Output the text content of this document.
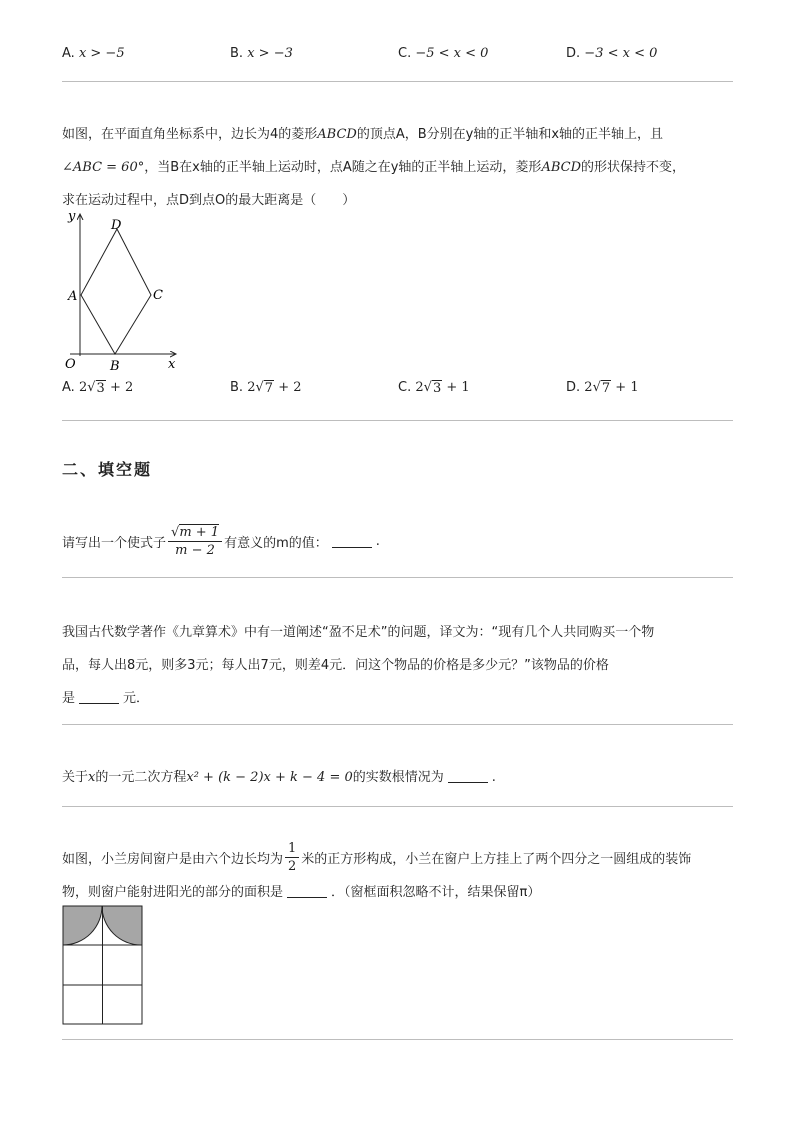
A. x > −5	B. x > −3	C. −5 < x < 0	D. −3 < x < 0
如图，在平面直角坐标系中，边长为4的菱形ABCD的顶点A，B分别在y轴的正半轴和x轴的正半轴上，且
∠ABC = 60°，当B在x轴的正半轴上运动时，点A随之在y轴的正半轴上运动，菱形ABCD的形状保持不变，
求在运动过程中，点D到点O的最大距离是（　　）
y
x
O
A
B
C
D
A. 2 √ 3 + 2	B. 2 √ 7 + 2	C. 2 √ 3 + 1	D. 2 √ 7 + 1
二、填空题
请写出一个使式子 $\frac{√m + 1}{m - 2}$ 有意义的m的值：	.
我国古代数学著作《九章算术》中有一道阐述“盈不足术”的问题，译文为：“现有几个人共同购买一个物
品，每人出8元，则多3元；每人出7元，则差4元．问这个物品的价格是多少元？”该物品的价格
是	元．
关于x的一元二次方程x² + (k − 2)x + k − 4 = 0的实数根情况为	.
如图，小兰房间窗户是由六个边长均为 $\frac{1}{2}$ 米的正方形构成，小兰在窗户上方挂上了两个四分之一圆组成的装饰
物，则窗户能射进阳光的部分的面积是	．（窗框面积忽略不计，结果保留π）
